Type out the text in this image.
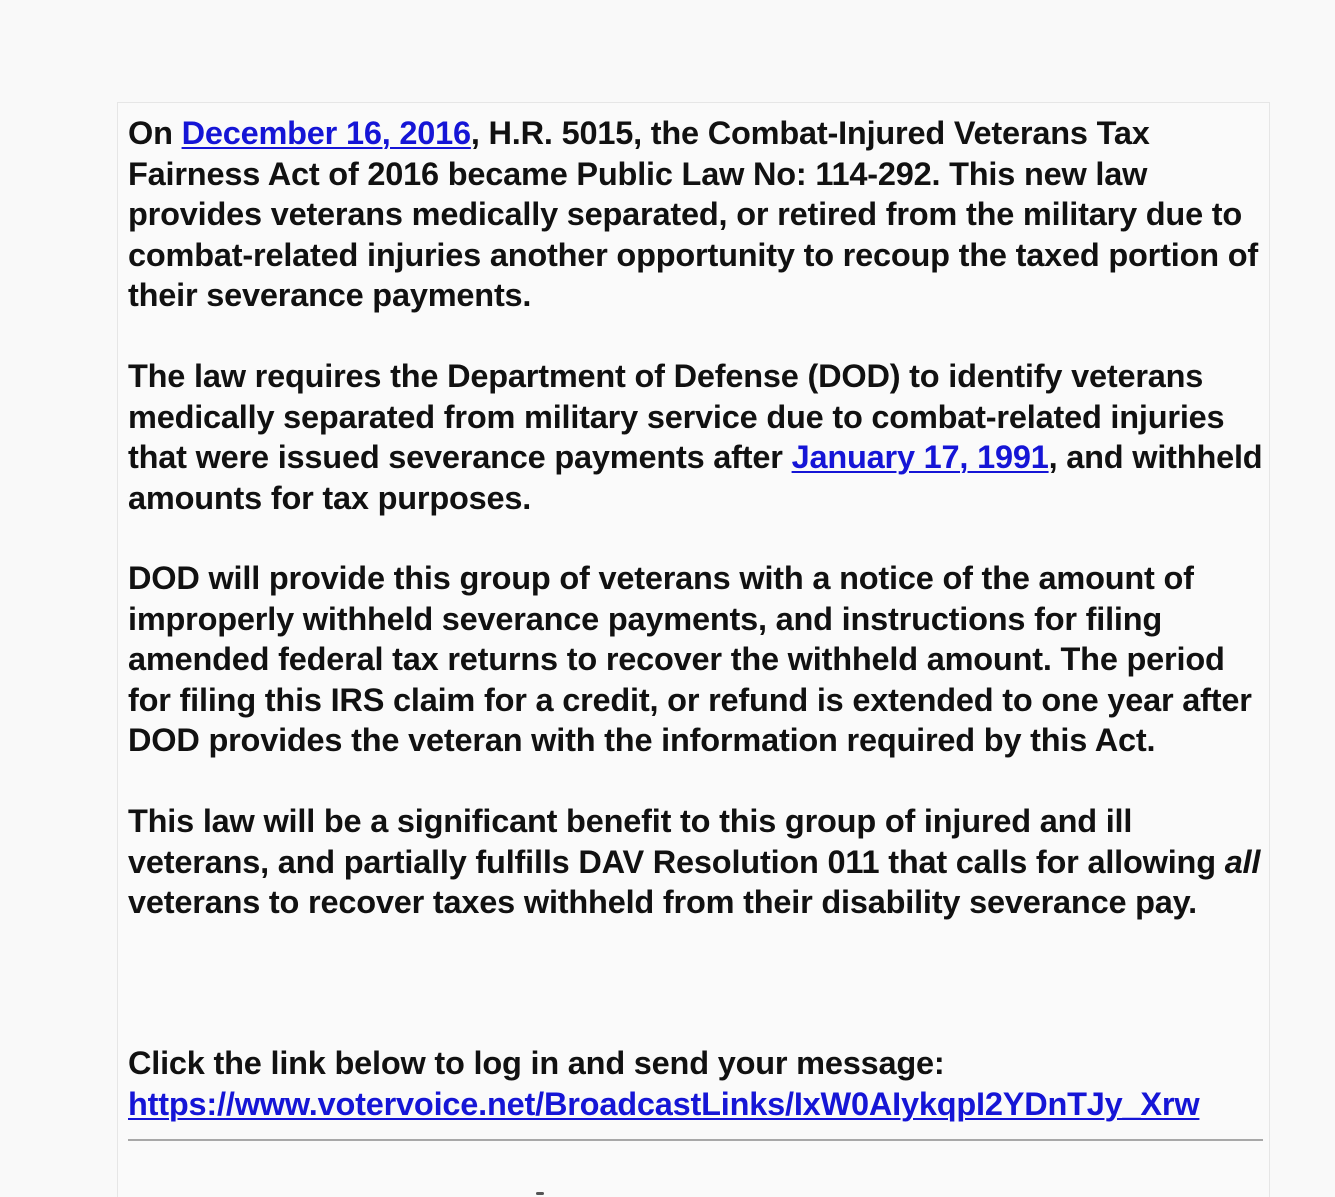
On December 16, 2016, H.R. 5015, the Combat-Injured Veterans Tax Fairness Act of 2016 became Public Law No: 114-292. This new law provides veterans medically separated, or retired from the military due to combat-related injuries another opportunity to recoup the taxed portion of their severance payments.

The law requires the Department of Defense (DOD) to identify veterans medically separated from military service due to combat-related injuries that were issued severance payments after January 17, 1991, and withheld amounts for tax purposes.

DOD will provide this group of veterans with a notice of the amount of improperly withheld severance payments, and instructions for filing amended federal tax returns to recover the withheld amount. The period for filing this IRS claim for a credit, or refund is extended to one year after DOD provides the veteran with the information required by this Act.

This law will be a significant benefit to this group of injured and ill veterans, and partially fulfills DAV Resolution 011 that calls for allowing all veterans to recover taxes withheld from their disability severance pay.

Click the link below to log in and send your message:
https://www.votervoice.net/BroadcastLinks/IxW0AIykqpI2YDnTJy_Xrw
